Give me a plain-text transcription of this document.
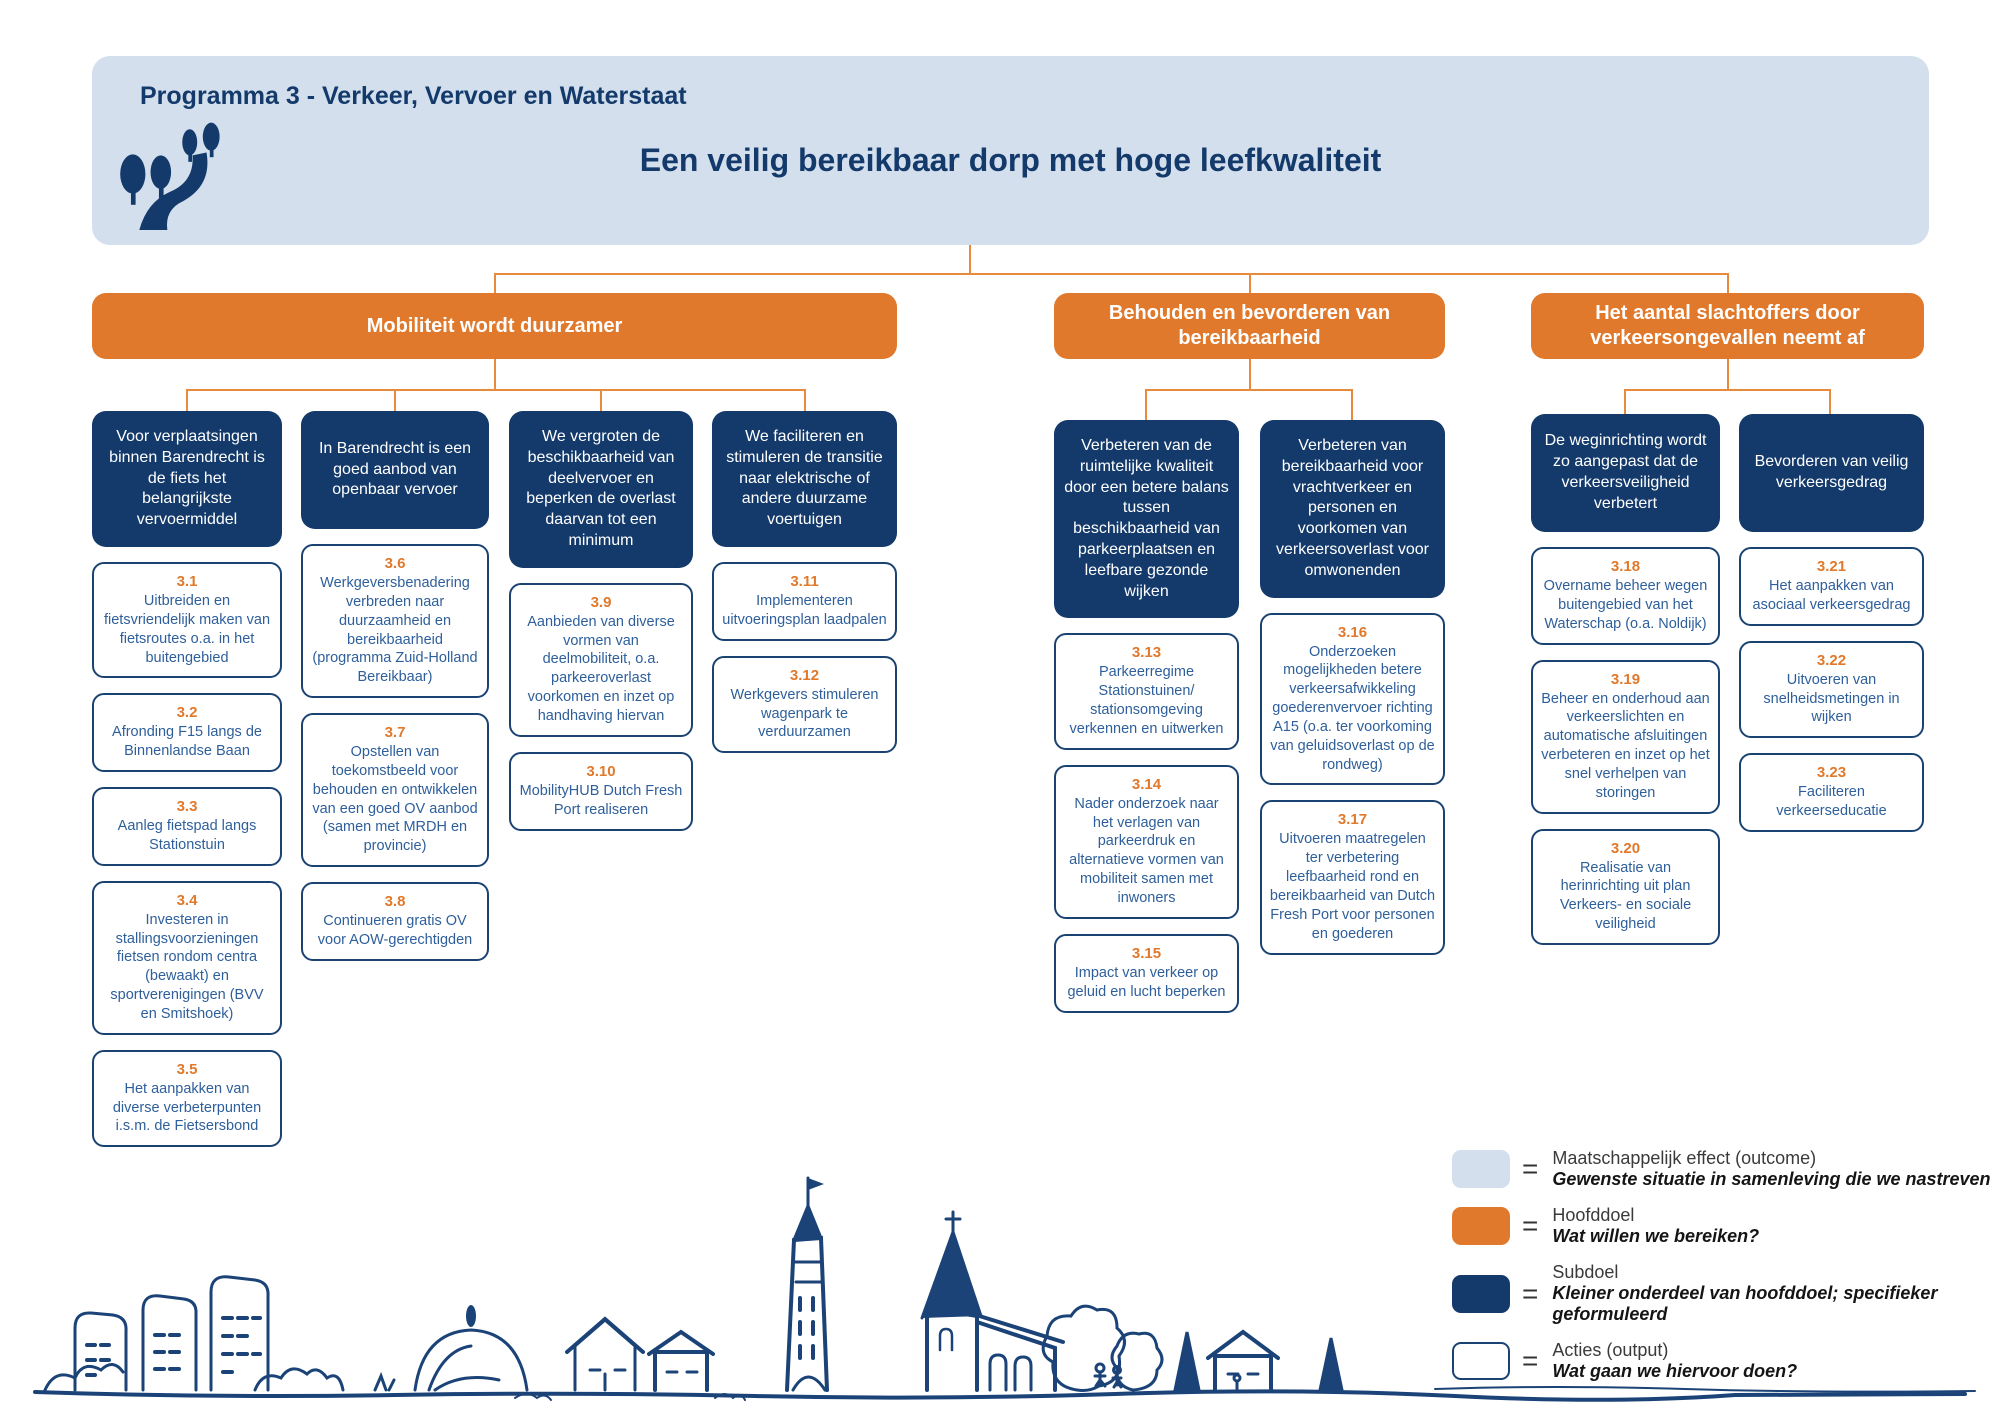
Programma 3 - Verkeer, Vervoer en Waterstaat
Een veilig bereikbaar dorp met hoge leefkwaliteit
Mobiliteit wordt duurzamer
Behouden en bevorderen van bereikbaarheid
Het aantal slachtoffers door verkeersongevallen neemt af
Voor verplaatsingen binnen Barendrecht is de fiets het belangrijkste vervoermiddel
3.1
Uitbreiden en fietsvriendelijk maken van fietsroutes o.a. in het buitengebied
3.2
Afronding F15 langs de Binnenlandse Baan
3.3
Aanleg fietspad langs Stationstuin
3.4
Investeren in stallingsvoorzieningen fietsen rondom centra (bewaakt) en sportverenigingen (BVV en Smitshoek)
3.5
Het aanpakken van diverse verbeterpunten i.s.m. de Fietsersbond
In Barendrecht is een goed aanbod van openbaar vervoer
3.6
Werkgeversbenadering verbreden naar duurzaamheid en bereikbaarheid (programma Zuid-Holland Bereikbaar)
3.7
Opstellen van toekomstbeeld voor behouden en ontwikkelen van een goed OV aanbod (samen met MRDH en provincie)
3.8
Continueren gratis OV voor AOW-gerechtigden
We vergroten de beschikbaarheid van deelvervoer en beperken de overlast daarvan tot een minimum
3.9
Aanbieden van diverse vormen van deelmobiliteit, o.a. parkeeroverlast voorkomen en inzet op handhaving hiervan
3.10
MobilityHUB Dutch Fresh Port realiseren
We faciliteren en stimuleren de transitie naar elektrische of andere duurzame voertuigen
3.11
Implementeren uitvoeringsplan laadpalen
3.12
Werkgevers stimuleren wagenpark te verduurzamen
Verbeteren van de ruimtelijke kwaliteit door een betere balans tussen beschikbaarheid van parkeerplaatsen en leefbare gezonde wijken
3.13
Parkeerregime Stationstuinen/ stationsomgeving verkennen en uitwerken
3.14
Nader onderzoek naar het verlagen van parkeerdruk en alternatieve vormen van mobiliteit samen met inwoners
3.15
Impact van verkeer op geluid en lucht beperken
Verbeteren van bereikbaarheid voor vrachtverkeer en personen en voorkomen van verkeersoverlast voor omwonenden
3.16
Onderzoeken mogelijkheden betere verkeersafwikkeling goederenvervoer richting A15 (o.a. ter voorkoming van geluidsoverlast op de rondweg)
3.17
Uitvoeren maatregelen ter verbetering leefbaarheid rond en bereikbaarheid van Dutch Fresh Port voor personen en goederen
De weginrichting wordt zo aangepast dat de verkeersveiligheid verbetert
3.18
Overname beheer wegen buitengebied van het Waterschap (o.a. Noldijk)
3.19
Beheer en onderhoud aan verkeerslichten en automatische afsluitingen verbeteren en inzet op het snel verhelpen van storingen
3.20
Realisatie van herinrichting uit plan Verkeers- en sociale veiligheid
Bevorderen van veilig verkeersgedrag
3.21
Het aanpakken van asociaal verkeersgedrag
3.22
Uitvoeren van snelheidsmetingen in wijken
3.23
Faciliteren verkeerseducatie
= Maatschappelijk effect (outcome)
Gewenste situatie in samenleving die we nastreven
= Hoofddoel
Wat willen we bereiken?
=
Subdoel
Kleiner onderdeel van hoofddoel; specifieker geformuleerd
= Acties (output)
Wat gaan we hiervoor doen?
